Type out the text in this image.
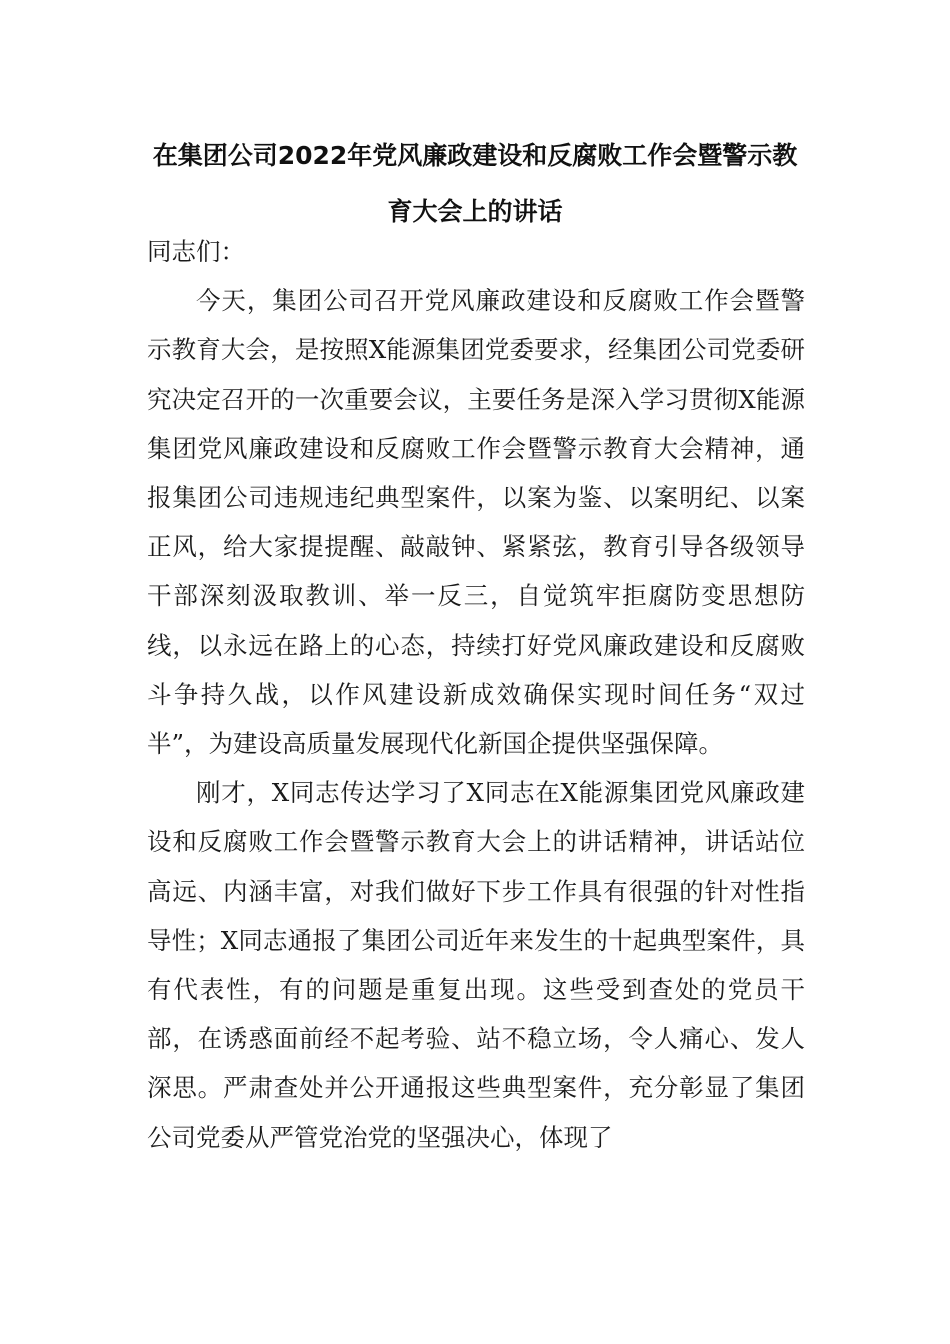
在集团公司2022年党风廉政建设和反腐败工作会暨警示教
育大会上的讲话

同志们：

今天，集团公司召开党风廉政建设和反腐败工作会暨警示教育大会，是按照X能源集团党委要求，经集团公司党委研究决定召开的一次重要会议，主要任务是深入学习贯彻X能源集团党风廉政建设和反腐败工作会暨警示教育大会精神，通报集团公司违规违纪典型案件，以案为鉴、以案明纪、以案正风，给大家提提醒、敲敲钟、紧紧弦，教育引导各级领导干部深刻汲取教训、举一反三，自觉筑牢拒腐防变思想防线，以永远在路上的心态，持续打好党风廉政建设和反腐败斗争持久战，以作风建设新成效确保实现时间任务“双过半”，为建设高质量发展现代化新国企提供坚强保障。

刚才，X同志传达学习了X同志在X能源集团党风廉政建设和反腐败工作会暨警示教育大会上的讲话精神，讲话站位高远、内涵丰富，对我们做好下步工作具有很强的针对性指导性；X同志通报了集团公司近年来发生的十起典型案件，具有代表性，有的问题是重复出现。这些受到查处的党员干部，在诱惑面前经不起考验、站不稳立场，令人痛心、发人深思。严肃查处并公开通报这些典型案件，充分彰显了集团公司党委从严管党治党的坚强决心，体现了
